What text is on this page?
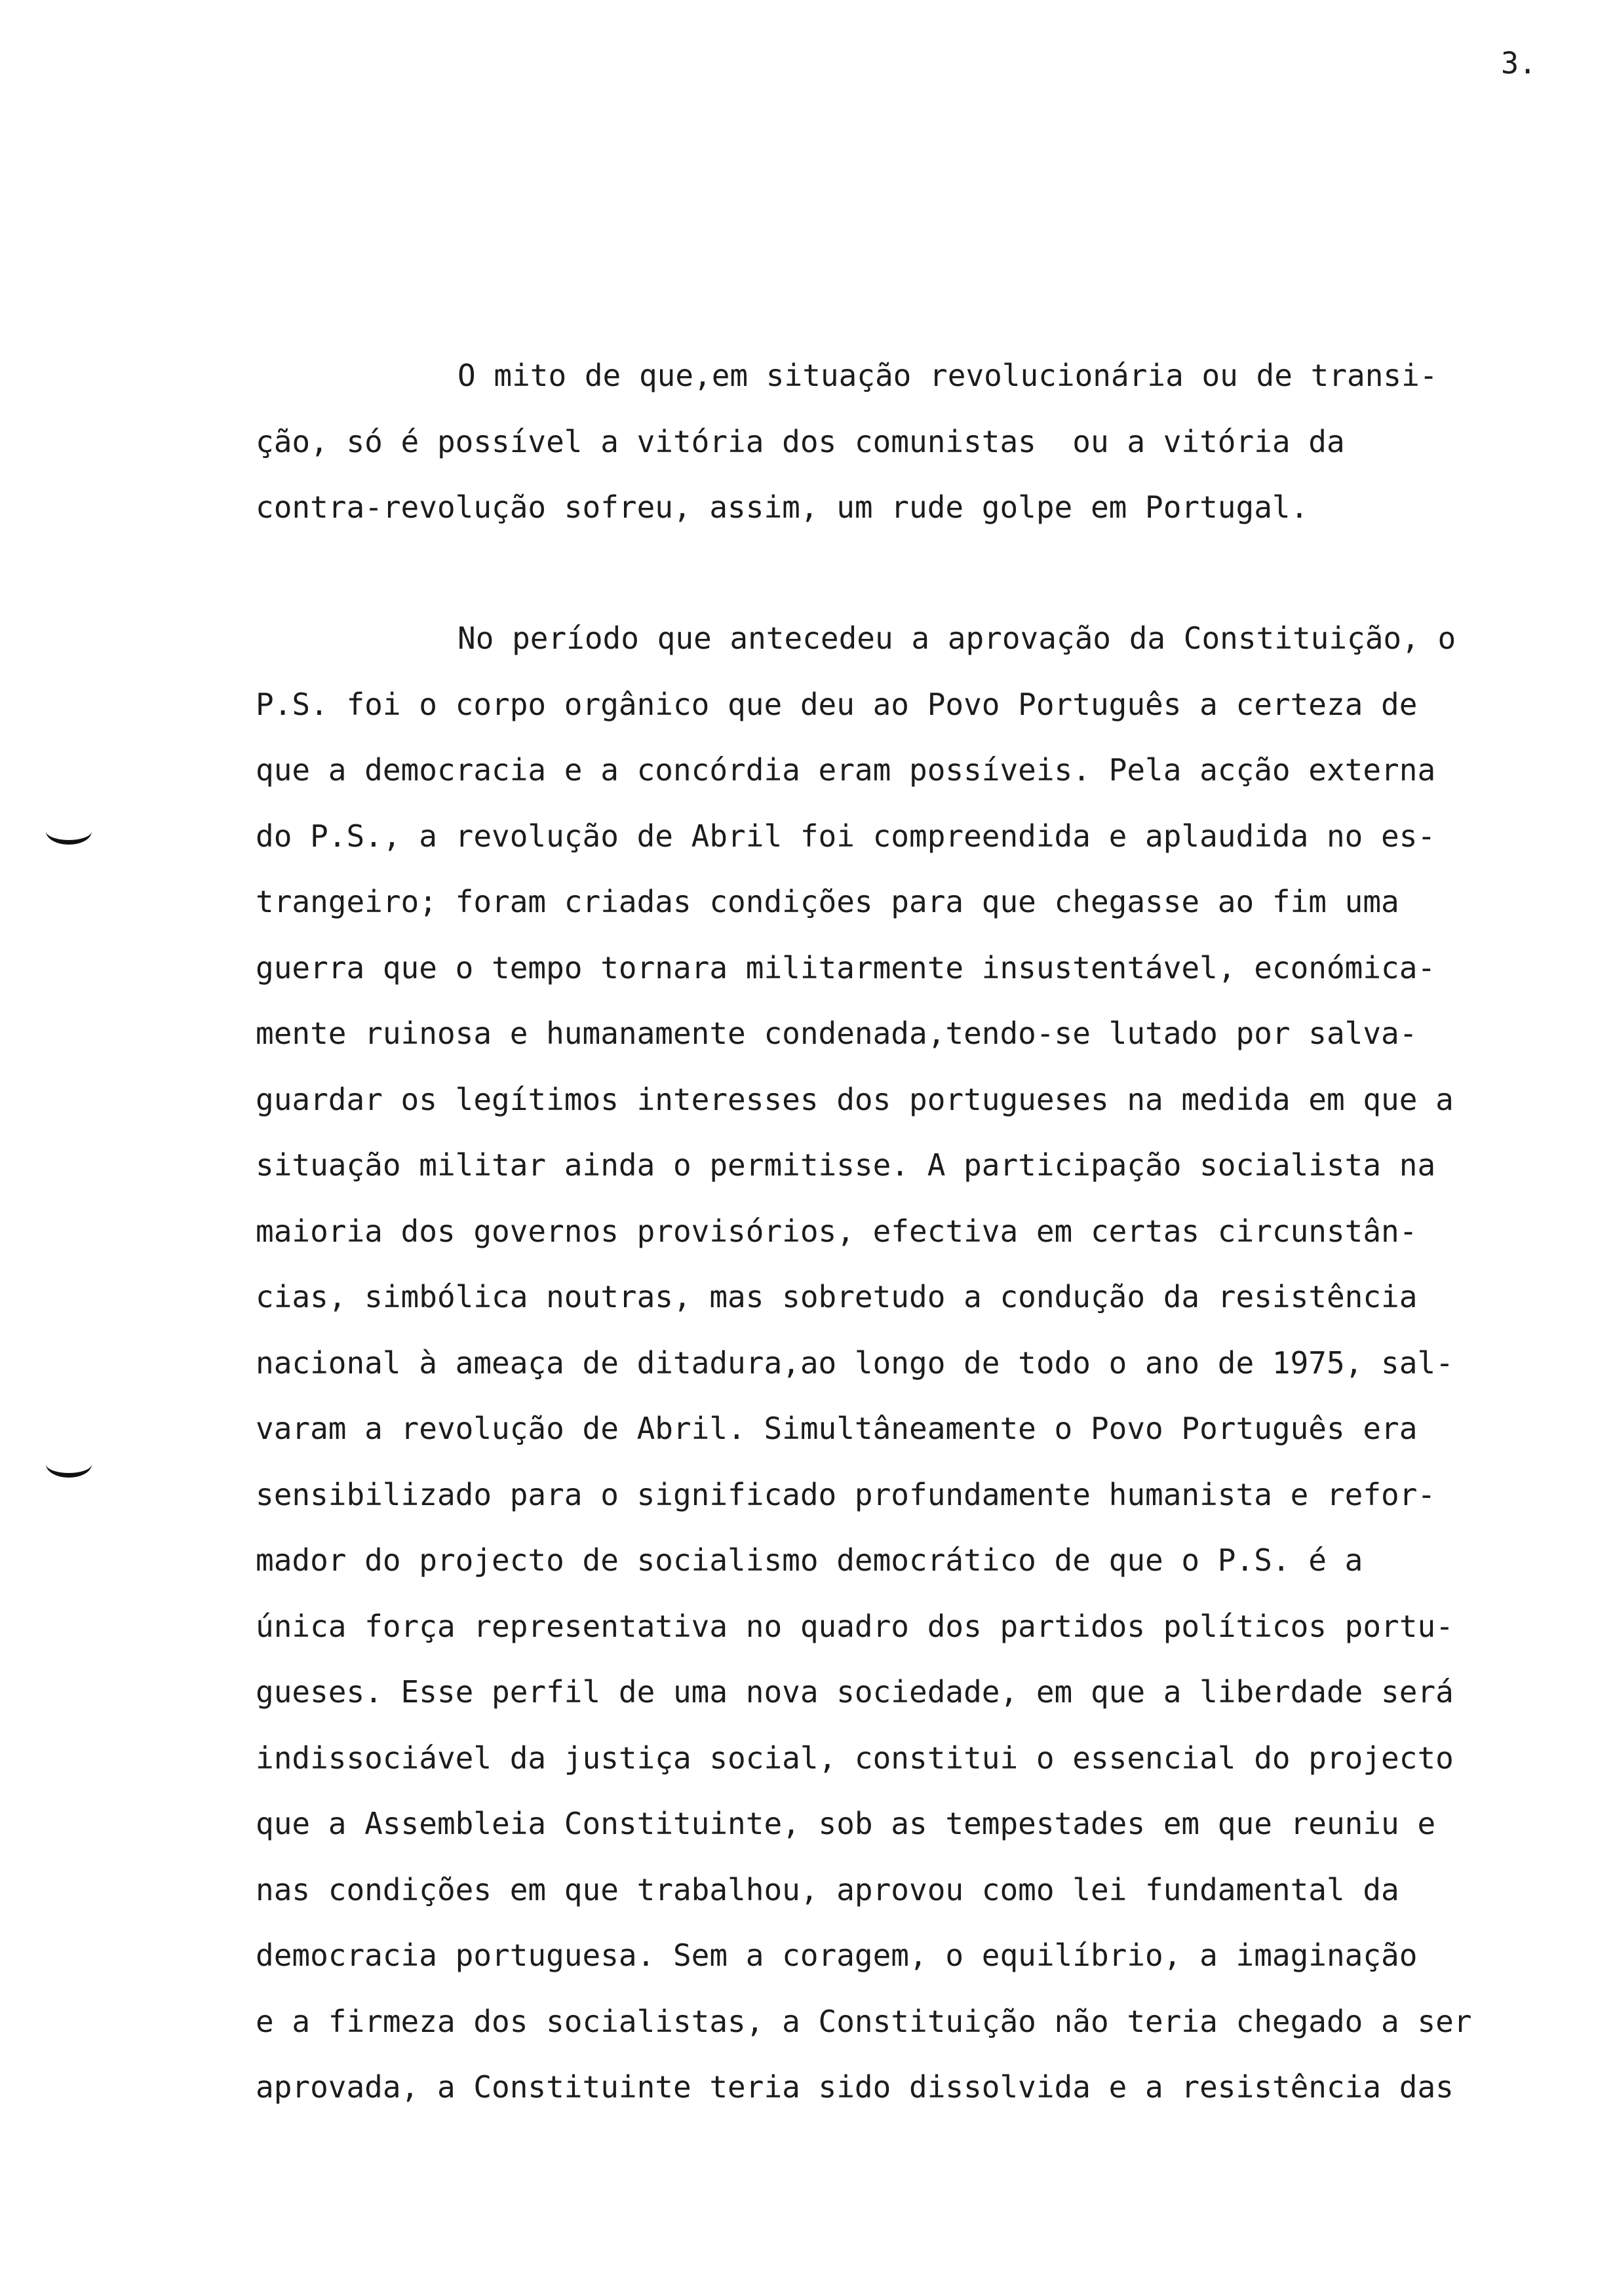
3.
O mito de que,em situação revolucionária ou de transi-
ção, só é possível a vitória dos comunistas  ou a vitória da
contra-revolução sofreu, assim, um rude golpe em Portugal.
No período que antecedeu a aprovação da Constituição, o
P.S. foi o corpo orgânico que deu ao Povo Português a certeza de
que a democracia e a concórdia eram possíveis. Pela acção externa
do P.S., a revolução de Abril foi compreendida e aplaudida no es-
trangeiro; foram criadas condições para que chegasse ao fim uma
guerra que o tempo tornara militarmente insustentável, económica-
mente ruinosa e humanamente condenada,tendo-se lutado por salva-
guardar os legítimos interesses dos portugueses na medida em que a
situação militar ainda o permitisse. A participação socialista na
maioria dos governos provisórios, efectiva em certas circunstân-
cias, simbólica noutras, mas sobretudo a condução da resistência
nacional à ameaça de ditadura,ao longo de todo o ano de 1975, sal-
varam a revolução de Abril. Simultâneamente o Povo Português era
sensibilizado para o significado profundamente humanista e refor-
mador do projecto de socialismo democrático de que o P.S. é a
única força representativa no quadro dos partidos políticos portu-
gueses. Esse perfil de uma nova sociedade, em que a liberdade será
indissociável da justiça social, constitui o essencial do projecto
que a Assembleia Constituinte, sob as tempestades em que reuniu e
nas condições em que trabalhou, aprovou como lei fundamental da
democracia portuguesa. Sem a coragem, o equilíbrio, a imaginação
e a firmeza dos socialistas, a Constituição não teria chegado a ser
aprovada, a Constituinte teria sido dissolvida e a resistência das
